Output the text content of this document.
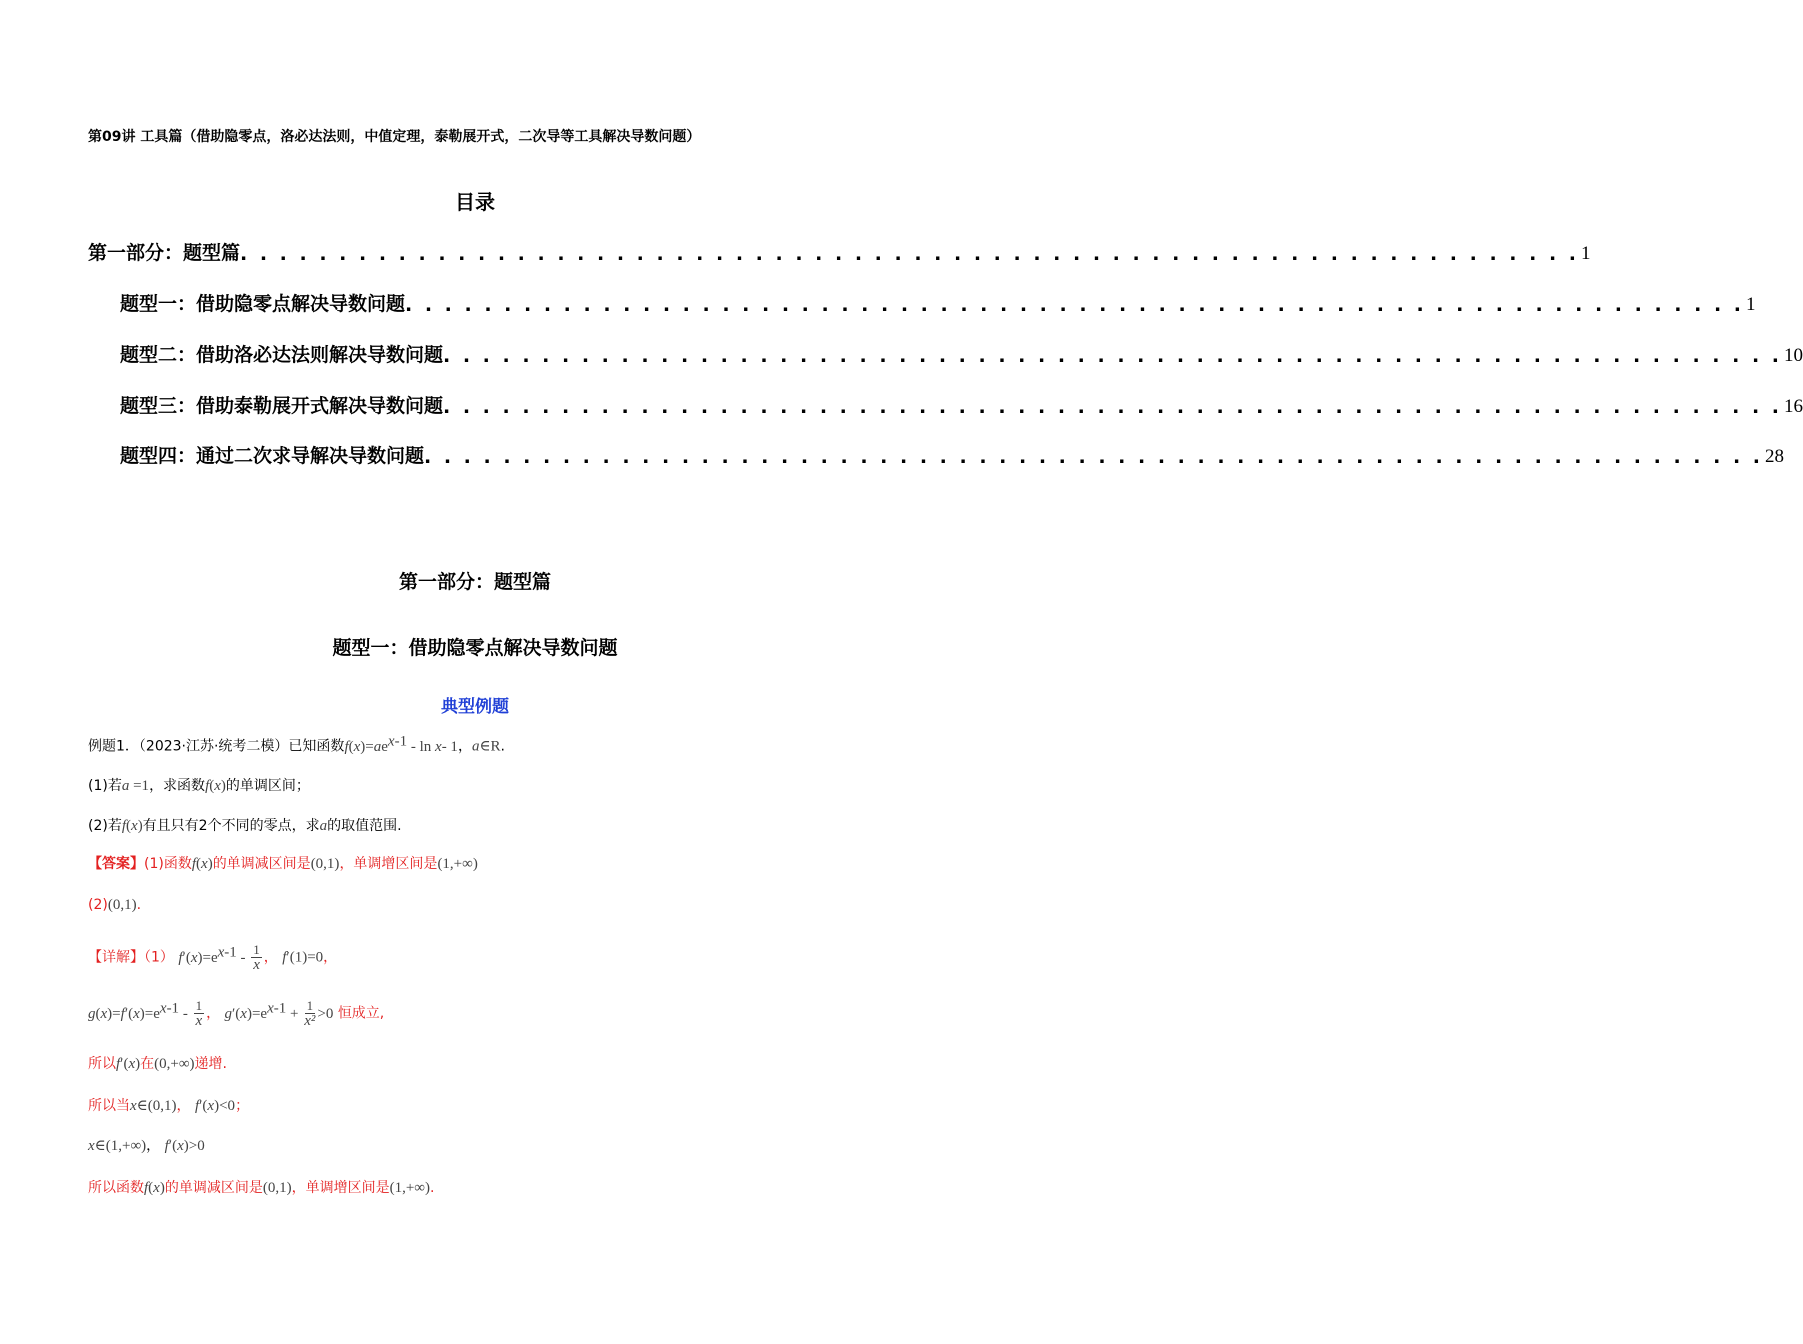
第09讲 工具篇（借助隐零点，洛必达法则，中值定理，泰勒展开式，二次导等工具解决导数问题）
目录
第一部分：题型篇 . . . . . . . . . . . . . . . . . . . . . . . . . . . . . . . . . . . . . . . . . . . . . . . . . . . . . . . . . . . . . . . . . . . . 1
题型一：借助隐零点解决导数问题 . . . . . . . . . . . . . . . . . . . . . . . . . . . . . . . . . . . . . . . . . . . . . . . . . . . . . . . . . . . . . . . . . . . . 1
题型二：借助洛必达法则解决导数问题 . . . . . . . . . . . . . . . . . . . . . . . . . . . . . . . . . . . . . . . . . . . . . . . . . . . . . . . . . . . . . . . . . . . . 10
题型三：借助泰勒展开式解决导数问题 . . . . . . . . . . . . . . . . . . . . . . . . . . . . . . . . . . . . . . . . . . . . . . . . . . . . . . . . . . . . . . . . . . . . 16
题型四：通过二次求导解决导数问题 . . . . . . . . . . . . . . . . . . . . . . . . . . . . . . . . . . . . . . . . . . . . . . . . . . . . . . . . . . . . . . . . . . . . 28
第一部分：题型篇
题型一：借助隐零点解决导数问题
典型例题
例题1．（2023·江苏·统考二模）已知函数$f(x)=ae^{x-1} - \ln x-$ 1，a∈R.
(1)若a =1，求函数f(x)的单调区间；
(2)若f(x)有且只有2个不同的零点，求a的取值范围.
【答案】(1)函数f(x)的单调减区间是(0,1)，单调增区间是(1,+∞)
(2)(0,1).
【详解】（1） $f'(x)=e^{x-1} - \frac{1}{x}$ ， f′(1)=0，
$g(x)=f'(x)=e^{x-1} - \frac{1}{x}$ ， $g'(x)=e^{x-1} + \frac{1}{\text{x²}} >0$ 恒成立,
所以f′(x)在(0,+∞)递增.
所以当x∈(0,1)， f′(x)<0；
x∈(1,+∞)， f′(x)>0
所以函数f(x)的单调减区间是(0,1)，单调增区间是(1,+∞).
